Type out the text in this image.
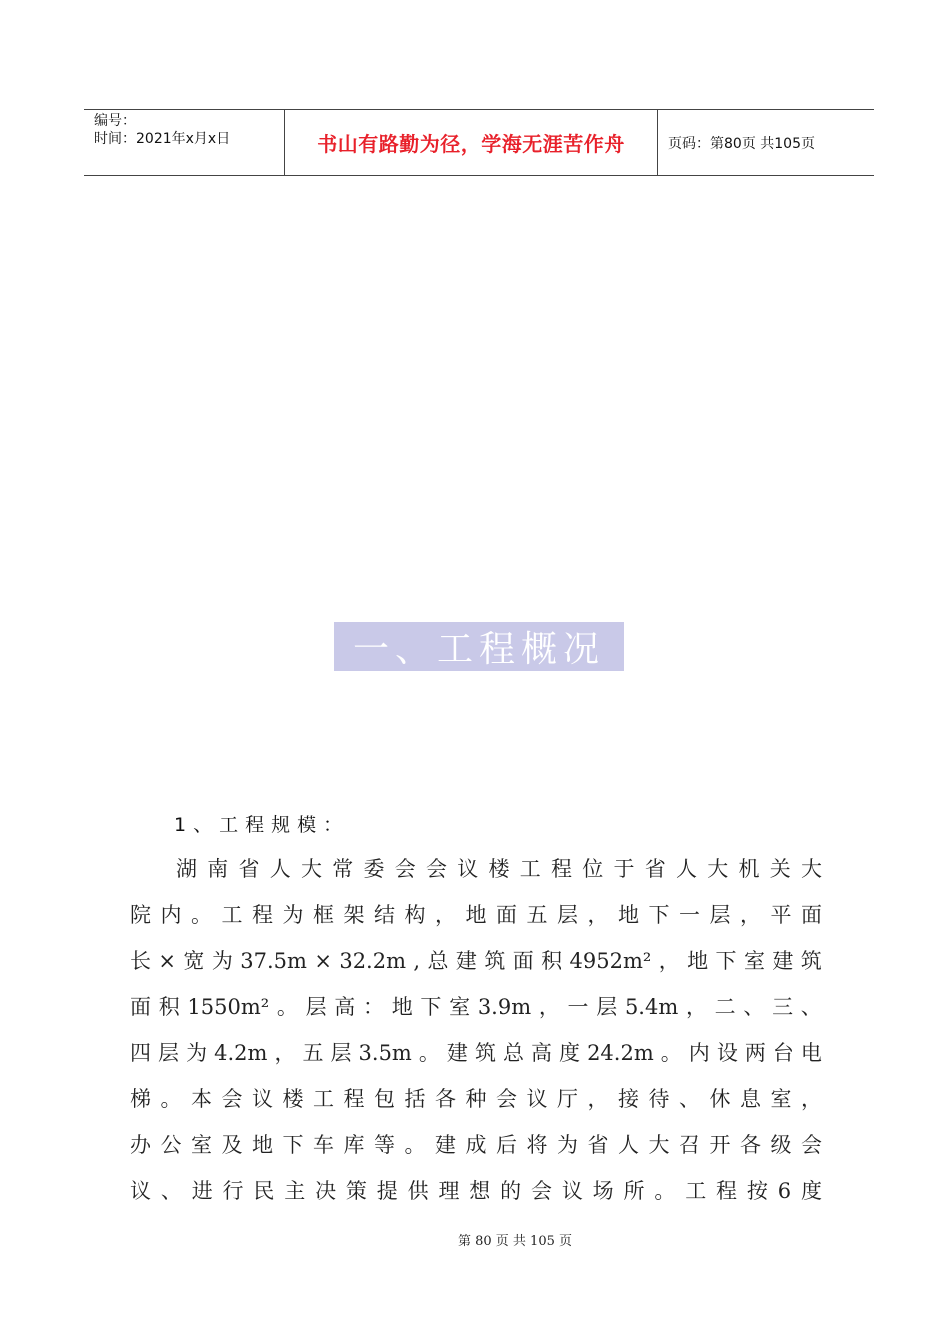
编号：
时间：2021年x月x日	书山有路勤为径，学海无涯苦作舟	页码：第80页 共105页
一、工程概况
1、工程规模：
湖 南 省 人 大 常 委 会 会 议 楼 工 程 位 于 省 人 大 机 关 大
院 内 。 工 程 为 框 架 结 构 ， 地 面 五 层 ， 地 下 一 层 ， 平 面
长 × 宽 为 37.5m × 32.2m , 总 建 筑 面 积 4952m² ， 地 下 室 建 筑
面 积 1550m² 。 层 高 ： 地 下 室 3.9m ， 一 层 5.4m ， 二 、 三 、
四 层 为 4.2m ， 五 层 3.5m 。 建 筑 总 高 度 24.2m 。 内 设 两 台 电
梯 。 本 会 议 楼 工 程 包 括 各 种 会 议 厅 ， 接 待 、 休 息 室 ，
办 公 室 及 地 下 车 库 等 。 建 成 后 将 为 省 人 大 召 开 各 级 会
议 、 进 行 民 主 决 策 提 供 理 想 的 会 议 场 所 。 工 程 按 6 度
第 80 页 共 105 页
